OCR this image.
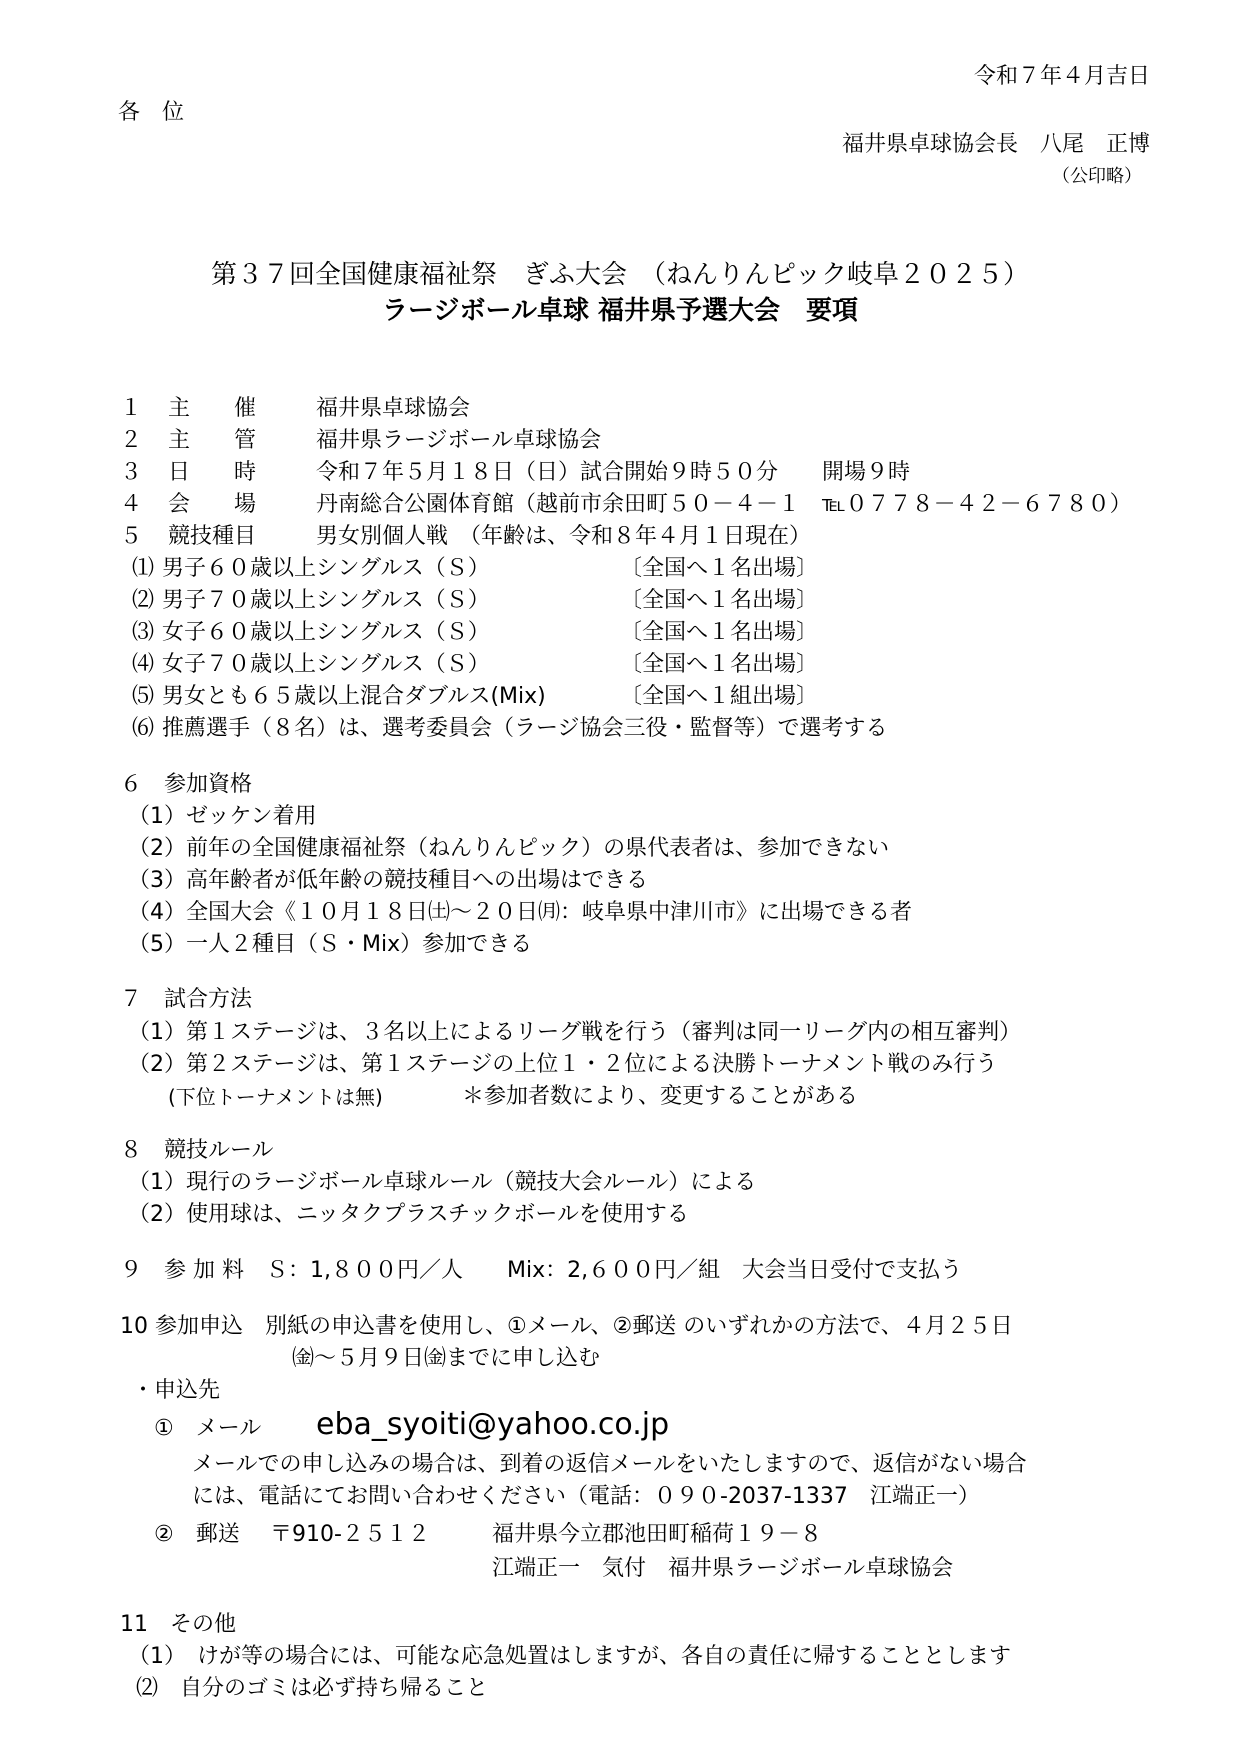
令和７年４月吉日
各　位
福井県卓球協会長　八尾　正博
（公印略）
第３７回全国健康福祉祭　ぎふ大会　（ねんりんピック岐阜２０２５）
ラージボール卓球 福井県予選大会　要項
１ 主　　催	福井県卓球協会
２ 主　　管	福井県ラージボール卓球協会
３ 日　　時	令和７年５月１８日（日）試合開始９時５０分　　開場９時
４ 会　　場	丹南総合公園体育館（越前市余田町５０－４－１　℡０７７８－４２－６７８０）
５ 競技種目	男女別個人戦　（年齢は、令和８年４月１日現在）
⑴ 男子６０歳以上シングルス（Ｓ）	〔全国へ１名出場〕
⑵ 男子７０歳以上シングルス（Ｓ）	〔全国へ１名出場〕
⑶ 女子６０歳以上シングルス（Ｓ）	〔全国へ１名出場〕
⑷ 女子７０歳以上シングルス（Ｓ）	〔全国へ１名出場〕
⑸ 男女とも６５歳以上混合ダブルス(Mix)	〔全国へ１組出場〕
⑹ 推薦選手（８名）は、選考委員会（ラージ協会三役・監督等）で選考する
６　参加資格
（1）ゼッケン着用
（2）前年の全国健康福祉祭（ねんりんピック）の県代表者は、参加できない
（3）高年齢者が低年齢の競技種目への出場はできる
（4）全国大会《１０月１８日㈯～２０日㈪：岐阜県中津川市》に出場できる者
（5）一人２種目（Ｓ・Mix）参加できる
７　試合方法
（1）第１ステージは、３名以上によるリーグ戦を行う（審判は同一リーグ内の相互審判）
（2）第２ステージは、第１ステージの上位１・２位による決勝トーナメント戦のみ行う
(下位トーナメントは無)	＊参加者数により、変更することがある
８　競技ルール
（1）現行のラージボール卓球ルール（競技大会ルール）による
（2）使用球は、ニッタクプラスチックボールを使用する
９　参 加 料　Ｓ：1,８００円／人　　Mix：2,６００円／組　大会当日受付で支払う
10 参加申込　別紙の申込書を使用し、①メール、②郵送 のいずれかの方法で、４月２５日
㈮～５月９日㈮までに申し込む
・申込先
①　メール eba_syoiti@yahoo.co.jp
メールでの申し込みの場合は、到着の返信メールをいたしますので、返信がない場合
には、電話にてお問い合わせください（電話：０９０-2037-1337　江端正一）
②　郵送 〒910-２５１２	福井県今立郡池田町稲荷１９－８
江端正一　気付　福井県ラージボール卓球協会
11　その他
（1）　けが等の場合には、可能な応急処置はしますが、各自の責任に帰することとします
⑵　自分のゴミは必ず持ち帰ること
